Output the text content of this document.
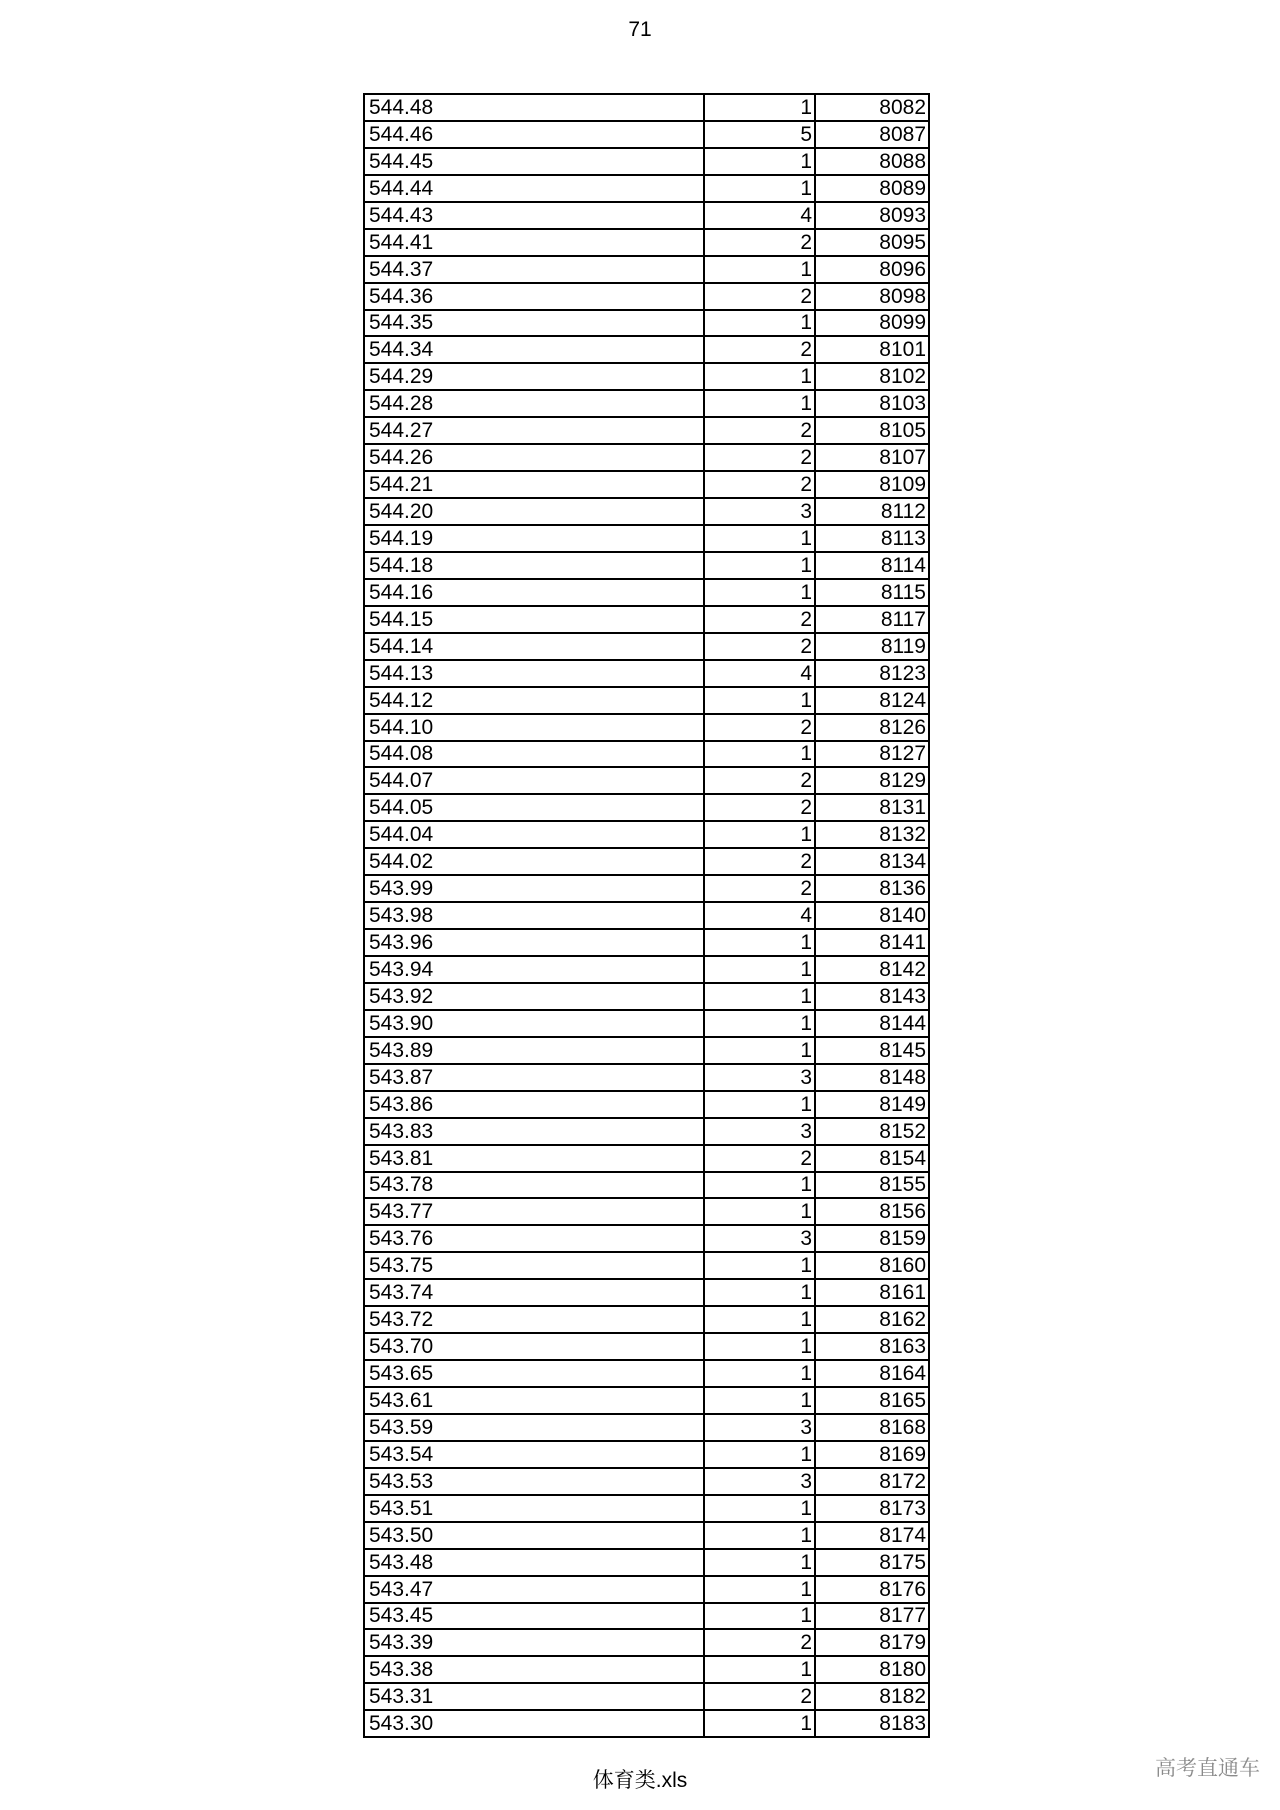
71
544.48	1	8082
544.46	5	8087
544.45	1	8088
544.44	1	8089
544.43	4	8093
544.41	2	8095
544.37	1	8096
544.36	2	8098
544.35	1	8099
544.34	2	8101
544.29	1	8102
544.28	1	8103
544.27	2	8105
544.26	2	8107
544.21	2	8109
544.20	3	8112
544.19	1	8113
544.18	1	8114
544.16	1	8115
544.15	2	8117
544.14	2	8119
544.13	4	8123
544.12	1	8124
544.10	2	8126
544.08	1	8127
544.07	2	8129
544.05	2	8131
544.04	1	8132
544.02	2	8134
543.99	2	8136
543.98	4	8140
543.96	1	8141
543.94	1	8142
543.92	1	8143
543.90	1	8144
543.89	1	8145
543.87	3	8148
543.86	1	8149
543.83	3	8152
543.81	2	8154
543.78	1	8155
543.77	1	8156
543.76	3	8159
543.75	1	8160
543.74	1	8161
543.72	1	8162
543.70	1	8163
543.65	1	8164
543.61	1	8165
543.59	3	8168
543.54	1	8169
543.53	3	8172
543.51	1	8173
543.50	1	8174
543.48	1	8175
543.47	1	8176
543.45	1	8177
543.39	2	8179
543.38	1	8180
543.31	2	8182
543.30	1	8183
体育类.xls
高考直通车
